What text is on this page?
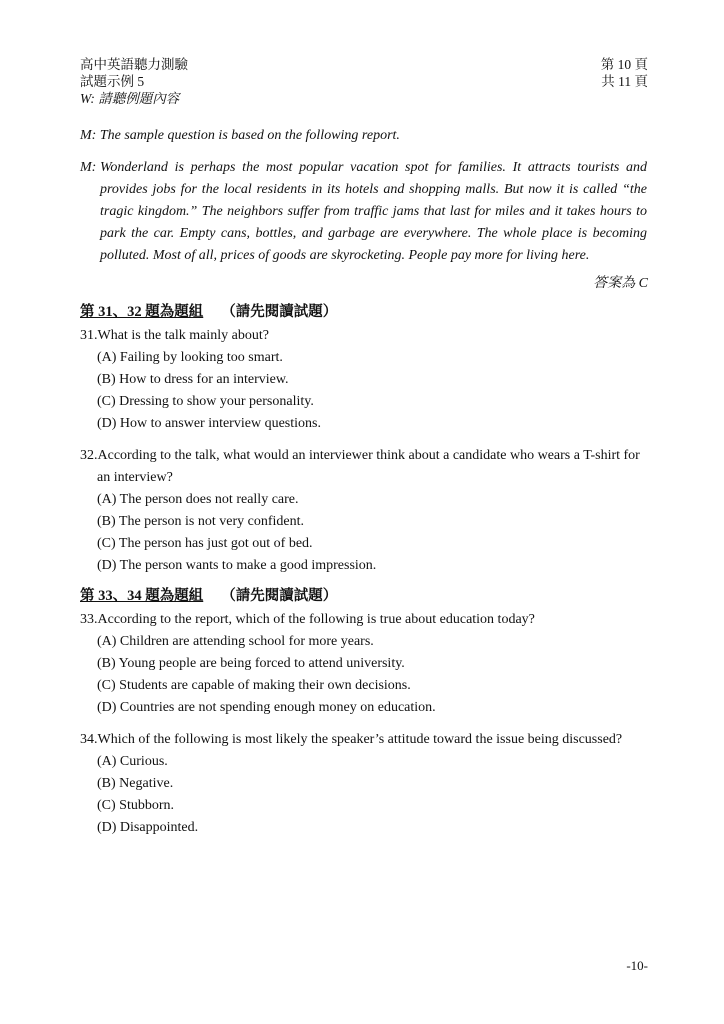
高中英語聽力測驗
試題示例 5
W: 請聽例題內容
第 10 頁
共 11 頁
M: The sample question is based on the following report.
M: Wonderland is perhaps the most popular vacation spot for families. It attracts tourists and provides jobs for the local residents in its hotels and shopping malls. But now it is called “the tragic kingdom.” The neighbors suffer from traffic jams that last for miles and it takes hours to park the car. Empty cans, bottles, and garbage are everywhere. The whole place is becoming polluted. Most of all, prices of goods are skyrocketing. People pay more for living here.
答案為 C
第 31、32 題為題組 （請先閱讀試題）
31.What is the talk mainly about?
(A) Failing by looking too smart.
(B) How to dress for an interview.
(C) Dressing to show your personality.
(D) How to answer interview questions.
32.According to the talk, what would an interviewer think about a candidate who wears a T-shirt for an interview?
(A) The person does not really care.
(B) The person is not very confident.
(C) The person has just got out of bed.
(D) The person wants to make a good impression.
第 33、34 題為題組 （請先閱讀試題）
33.According to the report, which of the following is true about education today?
(A) Children are attending school for more years.
(B) Young people are being forced to attend university.
(C) Students are capable of making their own decisions.
(D) Countries are not spending enough money on education.
34.Which of the following is most likely the speaker’s attitude toward the issue being discussed?
(A) Curious.
(B) Negative.
(C) Stubborn.
(D) Disappointed.
-10-
